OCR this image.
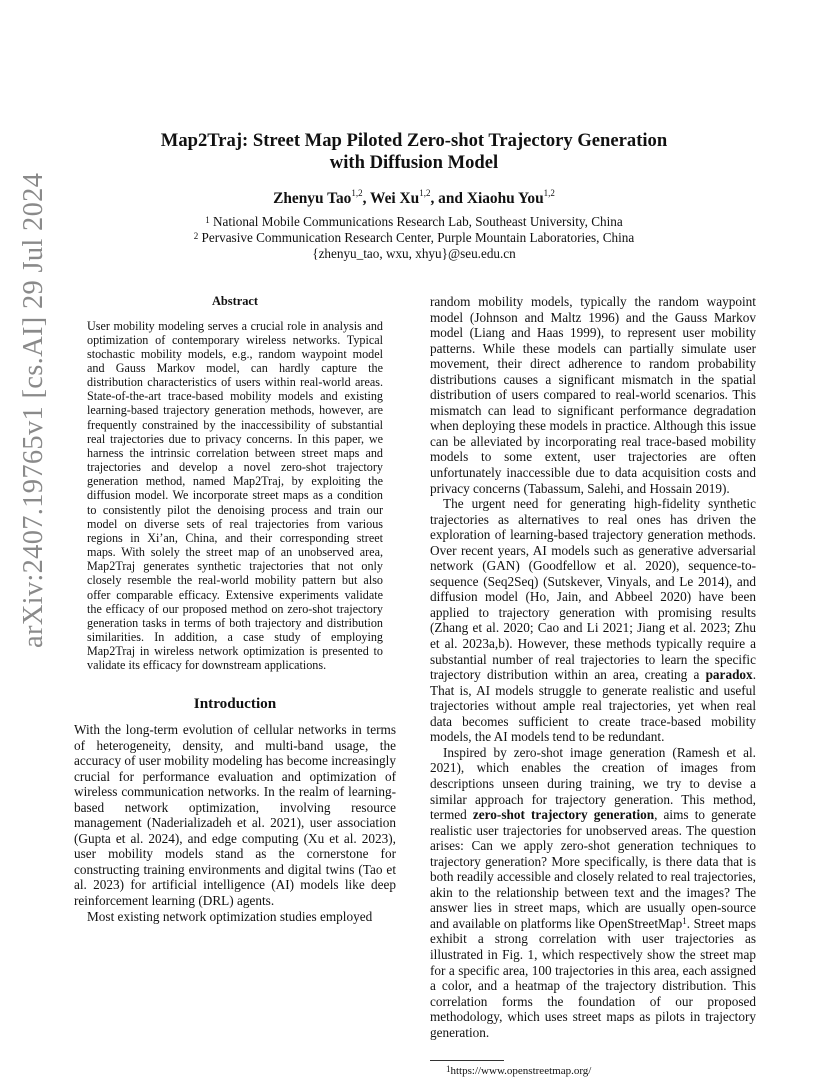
arXiv:2407.19765v1 [cs.AI] 29 Jul 2024
Map2Traj: Street Map Piloted Zero-shot Trajectory Generation
with Diffusion Model
Zhenyu Tao$^{1,2}$, Wei Xu$^{1,2}$, and Xiaohu You$^{1,2}$
$^1$ National Mobile Communications Research Lab, Southeast University, China
$^2$ Pervasive Communication Research Center, Purple Mountain Laboratories, China
{zhenyu_tao, wxu, xhyu}@seu.edu.cn
Abstract
User mobility modeling serves a crucial role in analysis and optimization of contemporary wireless networks. Typical stochastic mobility models, e.g., random waypoint model and Gauss Markov model, can hardly capture the distribution characteristics of users within real-world areas. State-of-the-art trace-based mobility models and existing learning-based trajectory generation methods, however, are frequently constrained by the inaccessibility of substantial real trajectories due to privacy concerns. In this paper, we harness the intrinsic correlation between street maps and trajectories and develop a novel zero-shot trajectory generation method, named Map2Traj, by exploiting the diffusion model. We incorporate street maps as a condition to consistently pilot the denoising process and train our model on diverse sets of real trajectories from various regions in Xi’an, China, and their corresponding street maps. With solely the street map of an unobserved area, Map2Traj generates synthetic trajectories that not only closely resemble the real-world mobility pattern but also offer comparable efficacy. Extensive experiments validate the efficacy of our proposed method on zero-shot trajectory generation tasks in terms of both trajectory and distribution similarities. In addition, a case study of employing Map2Traj in wireless network optimization is presented to validate its efficacy for downstream applications.
Introduction

With the long-term evolution of cellular networks in terms of heterogeneity, density, and multi-band usage, the accuracy of user mobility modeling has become increasingly crucial for performance evaluation and optimization of wireless communication networks. In the realm of learning-based network optimization, involving resource management (Naderializadeh et al. 2021), user association (Gupta et al. 2024), and edge computing (Xu et al. 2023), user mobility models stand as the cornerstone for constructing training environments and digital twins (Tao et al. 2023) for artificial intelligence (AI) models like deep reinforcement learning (DRL) agents.

Most existing network optimization studies employed

random mobility models, typically the random waypoint model (Johnson and Maltz 1996) and the Gauss Markov model (Liang and Haas 1999), to represent user mobility patterns. While these models can partially simulate user movement, their direct adherence to random probability distributions causes a significant mismatch in the spatial distribution of users compared to real-world scenarios. This mismatch can lead to significant performance degradation when deploying these models in practice. Although this issue can be alleviated by incorporating real trace-based mobility models to some extent, user trajectories are often unfortunately inaccessible due to data acquisition costs and privacy concerns (Tabassum, Salehi, and Hossain 2019).

The urgent need for generating high-fidelity synthetic trajectories as alternatives to real ones has driven the exploration of learning-based trajectory generation methods. Over recent years, AI models such as generative adversarial network (GAN) (Goodfellow et al. 2020), sequence-to-sequence (Seq2Seq) (Sutskever, Vinyals, and Le 2014), and diffusion model (Ho, Jain, and Abbeel 2020) have been applied to trajectory generation with promising results (Zhang et al. 2020; Cao and Li 2021; Jiang et al. 2023; Zhu et al. 2023a,b). However, these methods typically require a substantial number of real trajectories to learn the specific trajectory distribution within an area, creating a paradox. That is, AI models struggle to generate realistic and useful trajectories without ample real trajectories, yet when real data becomes sufficient to create trace-based mobility models, the AI models tend to be redundant.

Inspired by zero-shot image generation (Ramesh et al. 2021), which enables the creation of images from descriptions unseen during training, we try to devise a similar approach for trajectory generation. This method, termed zero-shot trajectory generation, aims to generate realistic user trajectories for unobserved areas. The question arises: Can we apply zero-shot generation techniques to trajectory generation? More specifically, is there data that is both readily accessible and closely related to real trajectories, akin to the relationship between text and the images? The answer lies in street maps, which are usually open-source and available on platforms like OpenStreetMap$^1$. Street maps exhibit a strong correlation with user trajectories as illustrated in Fig. 1, which respectively show the street map for a specific area, 100 trajectories in this area, each assigned a color, and a heatmap of the trajectory distribution. This correlation forms the foundation of our proposed methodology, which uses street maps as pilots in trajectory generation.

$^1$https://www.openstreetmap.org/
